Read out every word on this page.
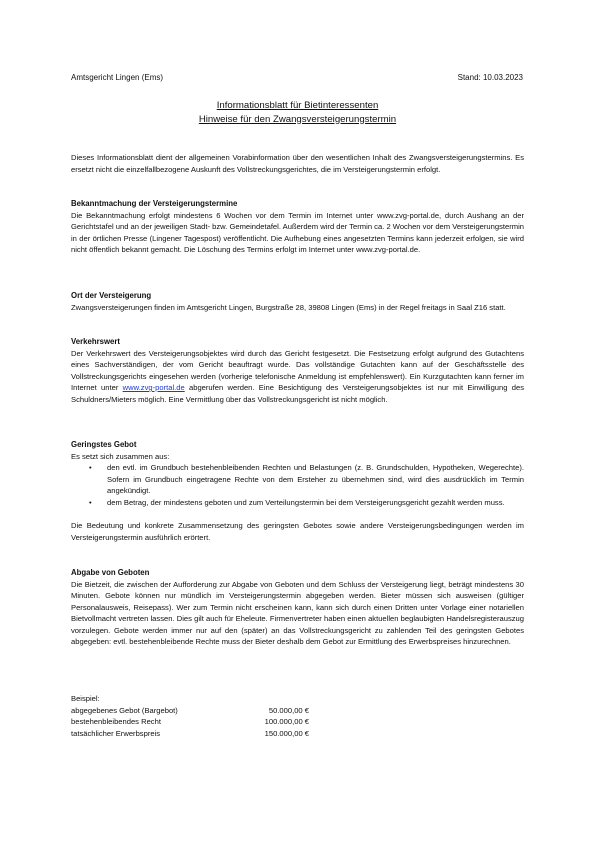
Amtsgericht Lingen (Ems)	Stand: 10.03.2023
Informationsblatt für Bietinteressenten
Hinweise für den Zwangsversteigerungstermin

Dieses Informationsblatt dient der allgemeinen Vorabinformation über den wesentlichen Inhalt des Zwangsversteigerungstermins. Es ersetzt nicht die einzelfallbezogene Auskunft des Vollstreckungsgerichtes, die im Versteigerungstermin erfolgt.

Bekanntmachung der Versteigerungstermine

Die Bekanntmachung erfolgt mindestens 6 Wochen vor dem Termin im Internet unter www.zvg-portal.de, durch Aushang an der Gerichtstafel und an der jeweiligen Stadt- bzw. Gemeindetafel. Außerdem wird der Termin ca. 2 Wochen vor dem Versteigerungstermin in der örtlichen Presse (Lingener Tagespost) veröffentlicht. Die Aufhebung eines angesetzten Termins kann jederzeit erfolgen, sie wird nicht öffentlich bekannt gemacht. Die Löschung des Termins erfolgt im Internet unter www.zvg-portal.de.

Ort der Versteigerung

Zwangsversteigerungen finden im Amtsgericht Lingen, Burgstraße 28, 39808 Lingen (Ems) in der Regel freitags in Saal Z16 statt.

Verkehrswert

Der Verkehrswert des Versteigerungsobjektes wird durch das Gericht festgesetzt. Die Festsetzung erfolgt aufgrund des Gutachtens eines Sachverständigen, der vom Gericht beauftragt wurde. Das vollständige Gutachten kann auf der Geschäftsstelle des Vollstreckungsgerichts eingesehen werden (vorherige telefonische Anmeldung ist empfehlenswert). Ein Kurzgutachten kann ferner im Internet unter www.zvg-portal.de abgerufen werden. Eine Besichtigung des Versteigerungsobjektes ist nur mit Einwilligung des Schuldners/Mieters möglich. Eine Vermittlung über das Vollstreckungsgericht ist nicht möglich.

Geringstes Gebot

Es setzt sich zusammen aus:

• den evtl. im Grundbuch bestehenbleibenden Rechten und Belastungen (z. B. Grundschulden, Hypotheken, Wegerechte). Sofern im Grundbuch eingetragene Rechte von dem Ersteher zu übernehmen sind, wird dies ausdrücklich im Termin angekündigt.
• dem Betrag, der mindestens geboten und zum Verteilungstermin bei dem Versteigerungsgericht gezahlt werden muss.

Die Bedeutung und konkrete Zusammensetzung des geringsten Gebotes sowie andere Versteigerungsbedingungen werden im Versteigerungstermin ausführlich erörtert.

Abgabe von Geboten

Die Bietzeit, die zwischen der Aufforderung zur Abgabe von Geboten und dem Schluss der Versteigerung liegt, beträgt mindestens 30 Minuten. Gebote können nur mündlich im Versteigerungstermin abgegeben werden. Bieter müssen sich ausweisen (gültiger Personalausweis, Reisepass). Wer zum Termin nicht erscheinen kann, kann sich durch einen Dritten unter Vorlage einer notariellen Bietvollmacht vertreten lassen. Dies gilt auch für Eheleute. Firmenvertreter haben einen aktuellen beglaubigten Handelsregisterauszug vorzulegen. Gebote werden immer nur auf den (später) an das Vollstreckungsgericht zu zahlenden Teil des geringsten Gebotes abgegeben: evtl. bestehenbleibende Rechte muss der Bieter deshalb dem Gebot zur Ermittlung des Erwerbspreises hinzurechnen.

Beispiel:

abgegebenes Gebot (Bargebot)	50.000,00 €
bestehenbleibendes Recht	100.000,00 €
tatsächlicher Erwerbspreis	150.000,00 €
